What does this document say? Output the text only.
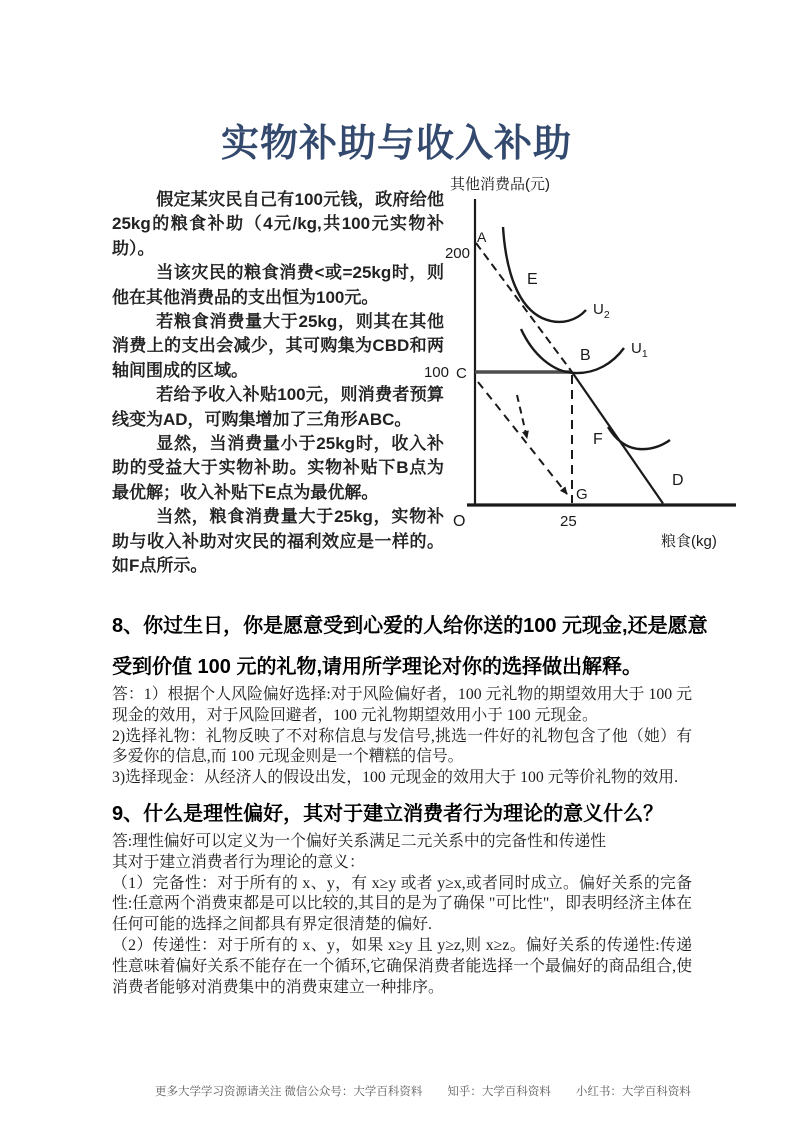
实物补助与收入补助

假定某灾民自己有100元钱，政府给他25kg的粮食补助（4元/kg,共100元实物补助）。

当该灾民的粮食消费<或=25kg时，则他在其他消费品的支出恒为100元。

若粮食消费量大于25kg，则其在其他消费上的支出会减少，其可购集为CBD和两轴间围成的区域。

若给予收入补贴100元，则消费者预算线变为AD，可购集增加了三角形ABC。

显然，当消费量小于25kg时，收入补助的受益大于实物补助。实物补贴下B点为最优解；收入补贴下E点为最优解。

当然，粮食消费量大于25kg，实物补助与收入补助对灾民的福利效应是一样的。如F点所示。

其他消费品(元)
A
200
E
$U_2$
B	$U_1$
100 C
F
D
G
O	25
粮食(kg)
8、你过生日，你是愿意受到心爱的人给你送的100 元现金,还是愿意
受到价值 100 元的礼物,请用所学理论对你的选择做出解释。

答：1）根据个人风险偏好选择:对于风险偏好者，100 元礼物的期望效用大于 100 元现金的效用，对于风险回避者，100 元礼物期望效用小于 100 元现金。

2)选择礼物：礼物反映了不对称信息与发信号,挑选一件好的礼物包含了他（她）有多爱你的信息,而 100 元现金则是一个糟糕的信号。

3)选择现金：从经济人的假设出发，100 元现金的效用大于 100 元等价礼物的效用.

9、什么是理性偏好，其对于建立消费者行为理论的意义什么？

答:理性偏好可以定义为一个偏好关系满足二元关系中的完备性和传递性

其对于建立消费者行为理论的意义：

（1）完备性：对于所有的 x、y，有 x≥y 或者 y≥x,或者同时成立。偏好关系的完备性:任意两个消费束都是可以比较的,其目的是为了确保 "可比性"，即表明经济主体在任何可能的选择之间都具有界定很清楚的偏好.

（2）传递性：对于所有的 x、y，如果 x≥y 且 y≥z,则 x≥z。偏好关系的传递性:传递性意味着偏好关系不能存在一个循环,它确保消费者能选择一个最偏好的商品组合,使消费者能够对消费集中的消费束建立一种排序。

更多大学学习资源请关注 微信公众号：大学百科资料 知乎：大学百科资料 小红书：大学百科资料
